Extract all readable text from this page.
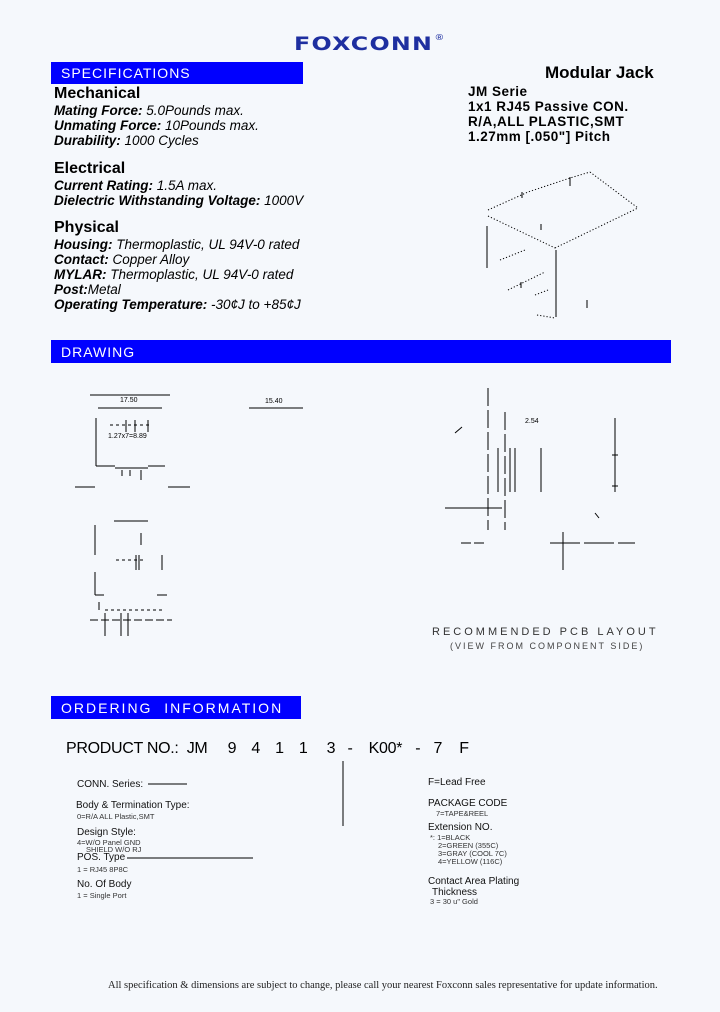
FOXCONN®
SPECIFICATIONS
Mechanical
Mating Force: 5.0Pounds max.
Unmating Force: 10Pounds max.
Durability: 1000 Cycles
Electrical
Current Rating: 1.5A max.
Dielectric Withstanding Voltage: 1000V
Physical
Housing: Thermoplastic, UL 94V-0 rated
Contact: Copper Alloy
MYLAR: Thermoplastic, UL 94V-0 rated
Post:Metal
Operating Temperature: -30¢J to +85¢J
Modular Jack
JM Serie
1x1 RJ45 Passive CON.
R/A,ALL PLASTIC,SMT
1.27mm [.050"] Pitch
DRAWING
17.50	15.40
2.54
1.27x7=8.89
RECOMMENDED PCB LAYOUT
(VIEW FROM COMPONENT SIDE)
ORDERING  INFORMATION
PRODUCT NO.: JM 9 4 1 1 3 - K00* - 7 F
CONN. Series:
Body & Termination Type:
0=R/A ALL Plastic,SMT
Design Style:
4=W/O Panel GND
SHIELD W/O RJ
POS. Type
1 = RJ45 8P8C
No. Of Body
1 = Single Port
F=Lead Free
PACKAGE CODE
7=TAPE&REEL
Extension NO.
*: 1=BLACK
2=GREEN (355C)
3=GRAY (COOL 7C)
4=YELLOW (116C)
Contact Area Plating
Thickness
3 = 30 u" Gold
All specification & dimensions are subject to change, please call your nearest Foxconn sales representative for update information.
